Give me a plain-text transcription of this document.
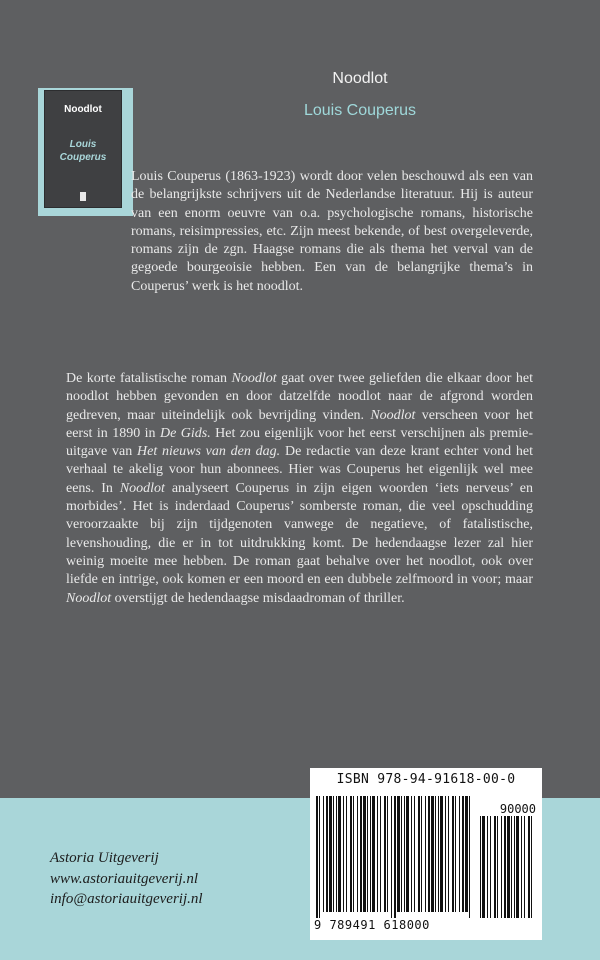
Noodlot
Louis Couperus
Noodlot
Louis
Couperus

Louis Couperus (1863-1923) wordt door velen beschouwd als een van de belangrijkste schrijvers uit de Nederlandse literatuur. Hij is auteur van een enorm oeuvre van o.a. psychologische romans, historische romans, reisimpressies, etc. Zijn meest bekende, of best overgeleverde, romans zijn de zgn. Haagse romans die als thema het verval van de gegoede bourgeoisie hebben. Een van de belangrijke thema’s in Couperus’ werk is het noodlot.

De korte fatalistische roman Noodlot gaat over twee geliefden die elkaar door het noodlot hebben gevonden en door datzelfde noodlot naar de afgrond worden gedreven, maar uiteindelijk ook bevrijding vinden. Noodlot verscheen voor het eerst in 1890 in De Gids. Het zou eigenlijk voor het eerst verschijnen als premie-uitgave van Het nieuws van den dag. De redactie van deze krant echter vond het verhaal te akelig voor hun abonnees. Hier was Couperus het eigenlijk wel mee eens. In Noodlot analyseert Couperus in zijn eigen woorden ‘iets nerveus’ en morbides’. Het is inderdaad Couperus’ somberste roman, die veel opschudding veroorzaakte bij zijn tijdgenoten vanwege de negatieve, of fatalistische, levenshouding, die er in tot uitdrukking komt. De hedendaagse lezer zal hier weinig moeite mee hebben. De roman gaat behalve over het noodlot, ook over liefde en intrige, ook komen er een moord en een dubbele zelfmoord in voor; maar Noodlot overstijgt de hedendaagse misdaadroman of thriller.

ISBN 978-94-91618-00-0
90000
9 789491 618000
Astoria Uitgeverij
www.astoriauitgeverij.nl
info@astoriauitgeverij.nl
